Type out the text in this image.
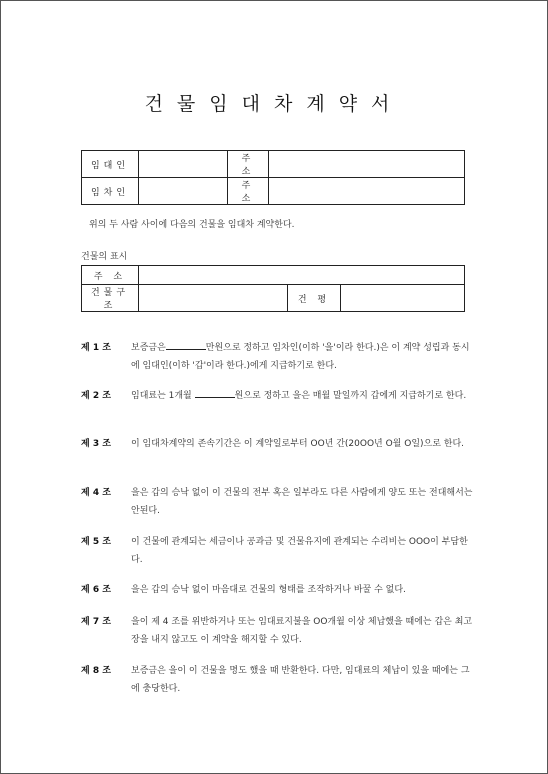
건물임대차계약서
임대인		주 소	
임차인		주 소	
위의 두 사람 사이에 다음의 건물을 임대차 계약한다.
건물의 표시
주 소			
건물구조		건 평	
제 1 조 보증금은	만원으로 정하고 임차인(이하 '을'이라 한다.)은 이 계약 성립과 동시에 임대인(이하 '갑'이라 한다.)에게 지급하기로 한다.
제 2 조 임대료는 1개월	원으로 정하고 을은 매월 말일까지 갑에게 지급하기로 한다.
제 3 조 이 임대차계약의 존속기간은 이 계약일로부터 OO년 간(20OO년 O월 O일)으로 한다.
제 4 조 을은 갑의 승낙 없이 이 건물의 전부 혹은 일부라도 다른 사람에게 양도 또는 전대해서는 안된다.
제 5 조 이 건물에 관계되는 세금이나 공과금 및 건물유지에 관계되는 수리비는 OOO이 부담한다.
제 6 조 을은 갑의 승낙 없이 마음대로 건물의 형태를 조작하거나 바꿀 수 없다.
제 7 조 을이 제 4 조를 위반하거나 또는 임대료지불을 OO개월 이상 체납했을 때에는 갑은 최고장을 내지 않고도 이 계약을 해지할 수 있다.
제 8 조 보증금은 을이 이 건물을 명도 했을 때 반환한다. 다만, 임대료의 체납이 있을 때에는 그에 충당한다.
